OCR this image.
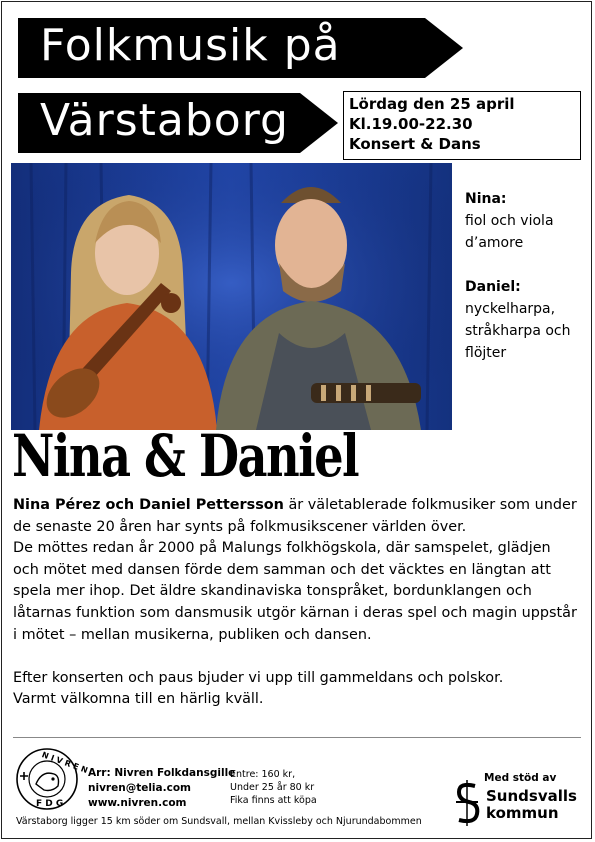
Folkmusik på
Värstaborg	Lördag den 25 april
Kl.19.00-22.30
Konsert & Dans
Nina:
fiol och viola
d’amore
Daniel:
nyckelharpa,
stråkharpa och
flöjter
Nina & Daniel

Nina Pérez och Daniel Pettersson är väletablerade folkmusiker som under de senaste 20 åren har synts på folkmusikscener världen över.

De möttes redan år 2000 på Malungs folkhögskola, där samspelet, glädjen och mötet med dansen förde dem samman och det väcktes en längtan att spela mer ihop. Det äldre skandinaviska tonspråket, bordunklangen och låtarnas funktion som dansmusik utgör kärnan i deras spel och magin uppstår i mötet – mellan musikerna, publiken och dansen.

Efter konserten och paus bjuder vi upp till gammeldans och polskor.

Varmt välkomna till en härlig kväll.

N I V R E N
F D G
Arr: Nivren Folkdansgille
nivren@telia.com
www.nivren.com
Entre: 160 kr,
Under 25 år 80 kr
Fika finns att köpa
Med stöd av
Sundsvalls
kommun
Värstaborg ligger 15 km söder om Sundsvall, mellan Kvissleby och Njurundabommen
